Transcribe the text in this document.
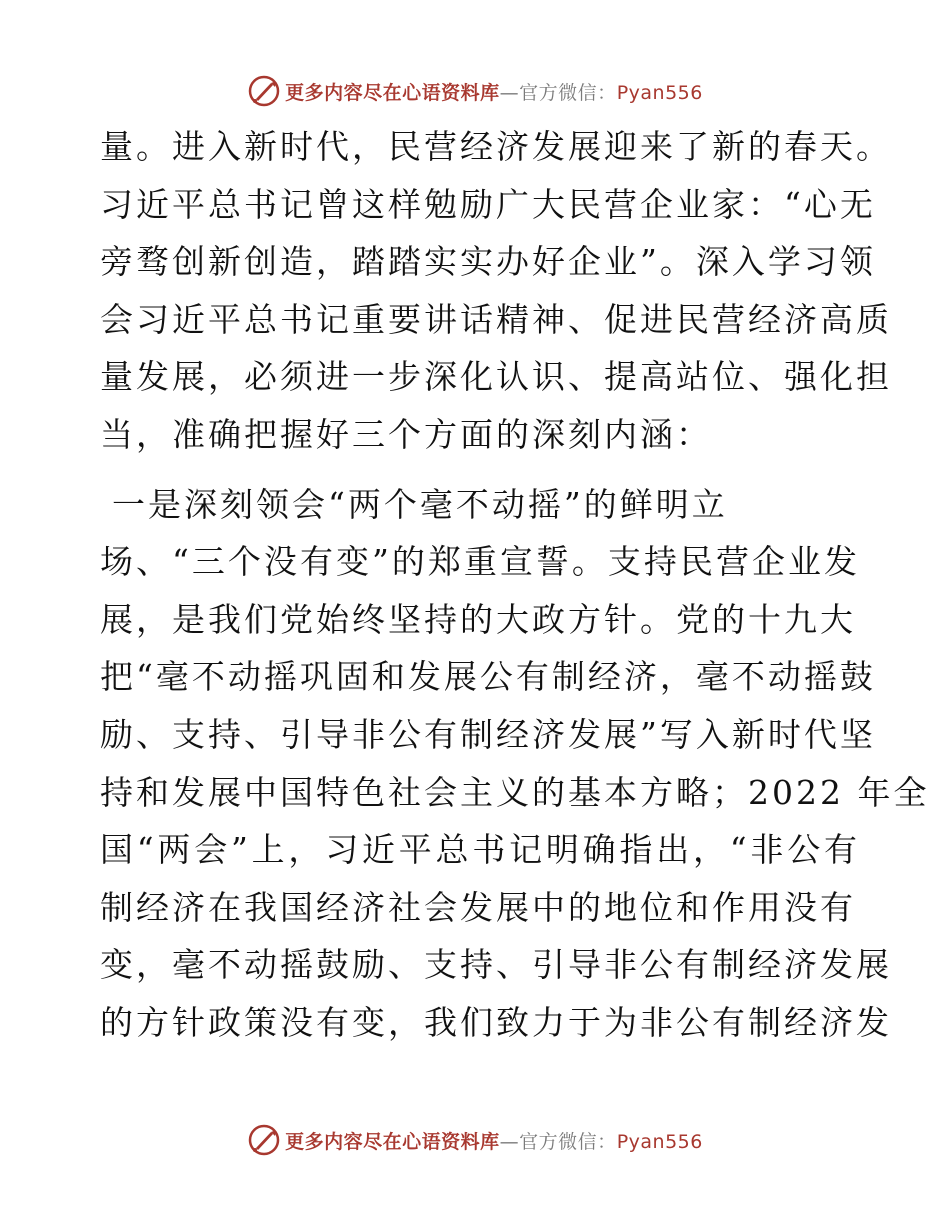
更多内容尽在心语资料库—官方微信：Pyan556
量。进入新时代，民营经济发展迎来了新的春天。
习近平总书记曾这样勉励广大民营企业家：“心无
旁骛创新创造，踏踏实实办好企业”。深入学习领
会习近平总书记重要讲话精神、促进民营经济高质
量发展，必须进一步深化认识、提高站位、强化担
当，准确把握好三个方面的深刻内涵：
一是深刻领会“两个毫不动摇”的鲜明立
场、“三个没有变”的郑重宣誓。支持民营企业发
展，是我们党始终坚持的大政方针。党的十九大
把“毫不动摇巩固和发展公有制经济，毫不动摇鼓
励、支持、引导非公有制经济发展”写入新时代坚
持和发展中国特色社会主义的基本方略；2022 年全
国“两会”上，习近平总书记明确指出，“非公有
制经济在我国经济社会发展中的地位和作用没有
变，毫不动摇鼓励、支持、引导非公有制经济发展
的方针政策没有变，我们致力于为非公有制经济发
更多内容尽在心语资料库—官方微信：Pyan556
